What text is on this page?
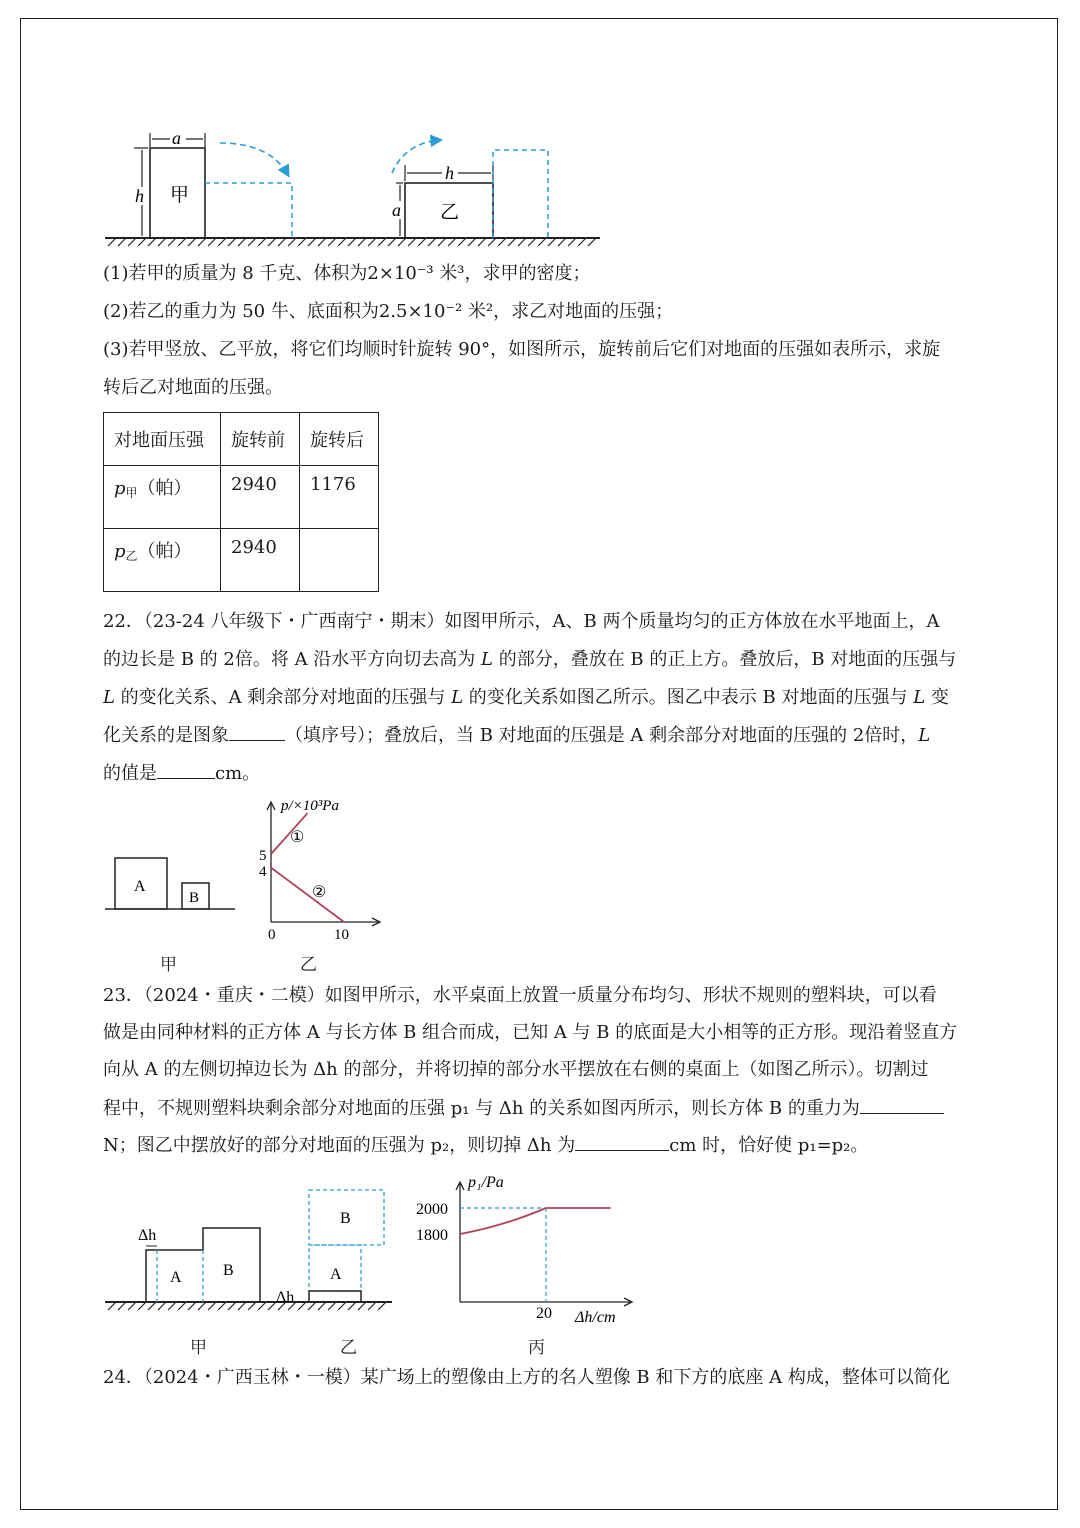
甲
a
h
乙
h
a
(1)若甲的质量为 8 千克、体积为2×10⁻³ 米³，求甲的密度；
(2)若乙的重力为 50 牛、底面积为2.5×10⁻² 米²，求乙对地面的压强；
(3)若甲竖放、乙平放，将它们均顺时针旋转 90°，如图所示，旋转前后它们对地面的压强如表所示，求旋
转后乙对地面的压强。
对地面压强	旋转前	旋转后
$p_甲$（帕）	2940	1176
$p_乙$（帕）	2940	
22．（23-24 八年级下・广西南宁・期末）如图甲所示，A、B 两个质量均匀的正方体放在水平地面上，A
的边长是 B 的 2倍。将 A 沿水平方向切去高为 L 的部分，叠放在 B 的正上方。叠放后，B 对地面的压强与
L 的变化关系、A 剩余部分对地面的压强与 L 的变化关系如图乙所示。图乙中表示 B 对地面的压强与 L 变
化关系的是图象	（填序号）；叠放后，当 B 对地面的压强是 A 剩余部分对地面的压强的 2倍时，L
的值是	cm。
A
B
甲
p/×10³Pa
①
②
5
4
0	10
乙
23．（2024・重庆・二模）如图甲所示，水平桌面上放置一质量分布均匀、形状不规则的塑料块，可以看
做是由同种材料的正方体 A 与长方体 B 组合而成，已知 A 与 B 的底面是大小相等的正方形。现沿着竖直方
向从 A 的左侧切掉边长为 Δh 的部分，并将切掉的部分水平摆放在右侧的桌面上（如图乙所示）。切割过
程中，不规则塑料块剩余部分对地面的压强 p₁ 与 Δh 的关系如图丙所示，则长方体 B 的重力为
N；图乙中摆放好的部分对地面的压强为 p₂，则切掉 Δh 为	cm 时，恰好使 p₁=p₂。
Δh
A	B
B
A
Δh
甲	乙
p₁/Pa
Δh/cm
2000
1800
20
丙
24．（2024・广西玉林・一模）某广场上的塑像由上方的名人塑像 B 和下方的底座 A 构成，整体可以简化
